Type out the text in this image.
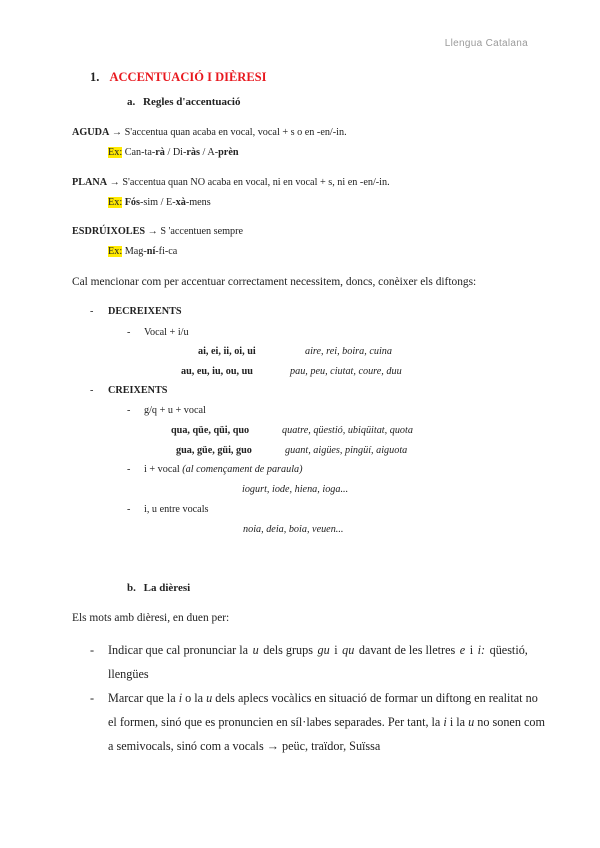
Llengua Catalana
1. ACCENTUACIÓ I DIÈRESI
a. Regles d'accentuació
AGUDA → S'accentua quan acaba en vocal, vocal + s o en -en/-in.
Ex: Can-ta-rà / Di-ràs / A-prèn
PLANA → S'accentua quan NO acaba en vocal, ni en vocal + s, ni en -en/-in.
Ex: Fós-sim / E-xà-mens
ESDRÚIXOLES → S 'accentuen sempre
Ex: Mag-ní-fi-ca
Cal mencionar com per accentuar correctament necessitem, doncs, conèixer els diftongs:
- DECREIXENTS
- Vocal + i/u
ai, ei, ii, oi, ui	aire, rei, boira, cuina
au, eu, iu, ou, uu	pau, peu, ciutat, coure, duu
- CREIXENTS
- g/q + u + vocal
qua, qüe, qüi, quo	quatre, qüestió, ubiqüitat, quota
gua, güe, güi, guo	guant, aigües, pingüí, aiguota
- i + vocal (al començament de paraula)
iogurt, iode, hiena, ioga...
- i, u entre vocals
noia, deia, boia, veuen...
b. La dièresi
Els mots amb dièresi, en duen per:
- Indicar que cal pronunciar la u dels grups gu i qu davant de les lletres e i i: qüestió,
llengües
- Marcar que la i o la u dels aplecs vocàlics en situació de formar un diftong en realitat no
el formen, sinó que es pronuncien en síl·labes separades. Per tant, la i i la u no sonen com
a semivocals, sinó com a vocals → peüc, traïdor, Suïssa
